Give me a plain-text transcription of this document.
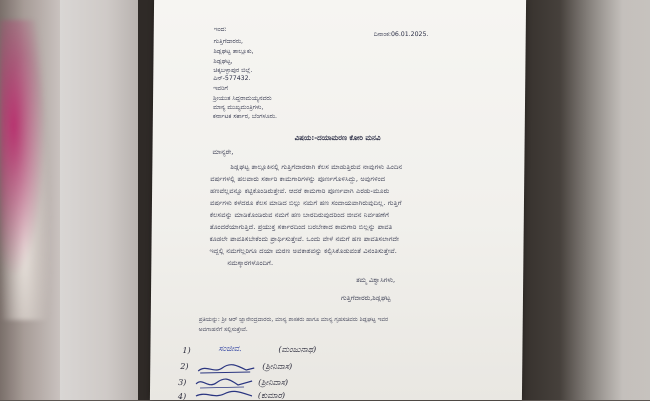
ದಿನಾಂಕ:06.01.2025.
ಇಂದ:
ಗುತ್ತಿಗೆದಾರರು,
ಶಿಡ್ಲಘಟ್ಟ ತಾಲ್ಲೂಕು,
ಶಿಡ್ಲಘಟ್ಟ,
ಚಿಕ್ಕಬಳ್ಳಾಪುರ ಜಿಲ್ಲೆ.
ಪಿನ್-577432.
ಇವರಿಗೆ
ಶ್ರೀಯುತ ಸಿದ್ದರಾಮಯ್ಯನವರು
ಮಾನ್ಯ ಮುಖ್ಯಮಂತ್ರಿಗಳು,
ಕರ್ನಾಟಕ ಸರ್ಕಾರ, ಬೆಂಗಳೂರು.
ವಿಷಯ:-ದಯಾಮರಣ ಕೋರಿ ಮನವಿ
ಮಾನ್ಯರೇ,
ಶಿಡ್ಲಘಟ್ಟ ತಾಲ್ಲೂಕಿನಲ್ಲಿ ಗುತ್ತಿಗೆದಾರರಾಗಿ ಕೆಲಸ ಮಾಡುತ್ತಿರುವ ನಾವುಗಳು ಹಿಂದಿನ
ವರ್ಷಗಳಲ್ಲಿ ಹಲವಾರು ಸರ್ಕಾರಿ ಕಾಮಗಾರಿಗಳನ್ನು ಪೂರ್ಣಗೊಳಿಸಿದ್ದು, ಅವುಗಳಿಂದ
ಹಣವೆಲ್ಲವನ್ನೂ ಕಟ್ಟಿಕೊಂಡಿರುತ್ತೇವೆ. ಆದರೆ ಕಾಮಗಾರಿ ಪೂರ್ಣವಾಗಿ ಎರಡು-ಮೂರು
ವರ್ಷಗಳು ಕಳೆದರೂ ಕೆಲಸ ಮಾಡಿದ ಬಿಲ್ಲು ನಮಗೆ ಹಣ ಸಂದಾಯವಾಗಿರುವುದಿಲ್ಲ. ಗುತ್ತಿಗೆ
ಕೆಲಸವನ್ನು ಮಾಡಿಕೊಂಡಿರುವ ನಮಗೆ ಹಣ ಬಾರದಿರುವುದರಿಂದ ಜೀವನ ನಿರ್ವಹಣೆಗೆ
ತೊಂದರೆಯಾಗುತ್ತಿದೆ. ಪ್ರಯುಕ್ತ ಸರ್ಕಾರದಿಂದ ಬರಬೇಕಾದ ಕಾಮಗಾರಿ ಬಿಲ್ಲನ್ನು ಪಾವತಿ
ಕೂಡಲೇ ಪಾವತಿಸಬೇಕೆಂದು ಪ್ರಾರ್ಥಿಸುತ್ತೇವೆ. ಒಂದು ವೇಳೆ ನಮಗೆ ಹಣ ಪಾವತಿಸಲಾಗದೇ
ಇದ್ದಲ್ಲಿ ನಮಗೆಲ್ಲರಿಗೂ ದಯಾ ಮರಣ ಅವಕಾಶವನ್ನು ಕಲ್ಪಿಸಿಕೊಡುವಂತೆ ವಿನಂತಿಸುತ್ತೇವೆ.
ನಮಸ್ಕಾರಗಳೊಂದಿಗೆ.
ತಮ್ಮ ವಿಶ್ವಾಸಿಗಳು,
ಗುತ್ತಿಗೆದಾರರು,ಶಿಡ್ಲಘಟ್ಟ
ಪ್ರತಿಯನ್ನು: ಶ್ರೀ ಆರ್‌ ಜ್ಞಾನೇಂದ್ರದಾರರು, ಮಾನ್ಯ ಶಾಸಕರು ಹಾಗೂ ಮಾನ್ಯ ಗೃಹಸಚಿವರು ಶಿಡ್ಲಘಟ್ಟ ಇವರ
ಅವಗಾಹನೆಗೆ ಸಲ್ಲಿಸುತ್ತೇವೆ.
1)	ಸಂಜೀವ.	(ಮಂಜುನಾಥ)
2)	(ಶ್ರೀನಿವಾಸ)
3)	(ಶ್ರೀನಿವಾಸ)
4)	(ಕುಮಾರ)
